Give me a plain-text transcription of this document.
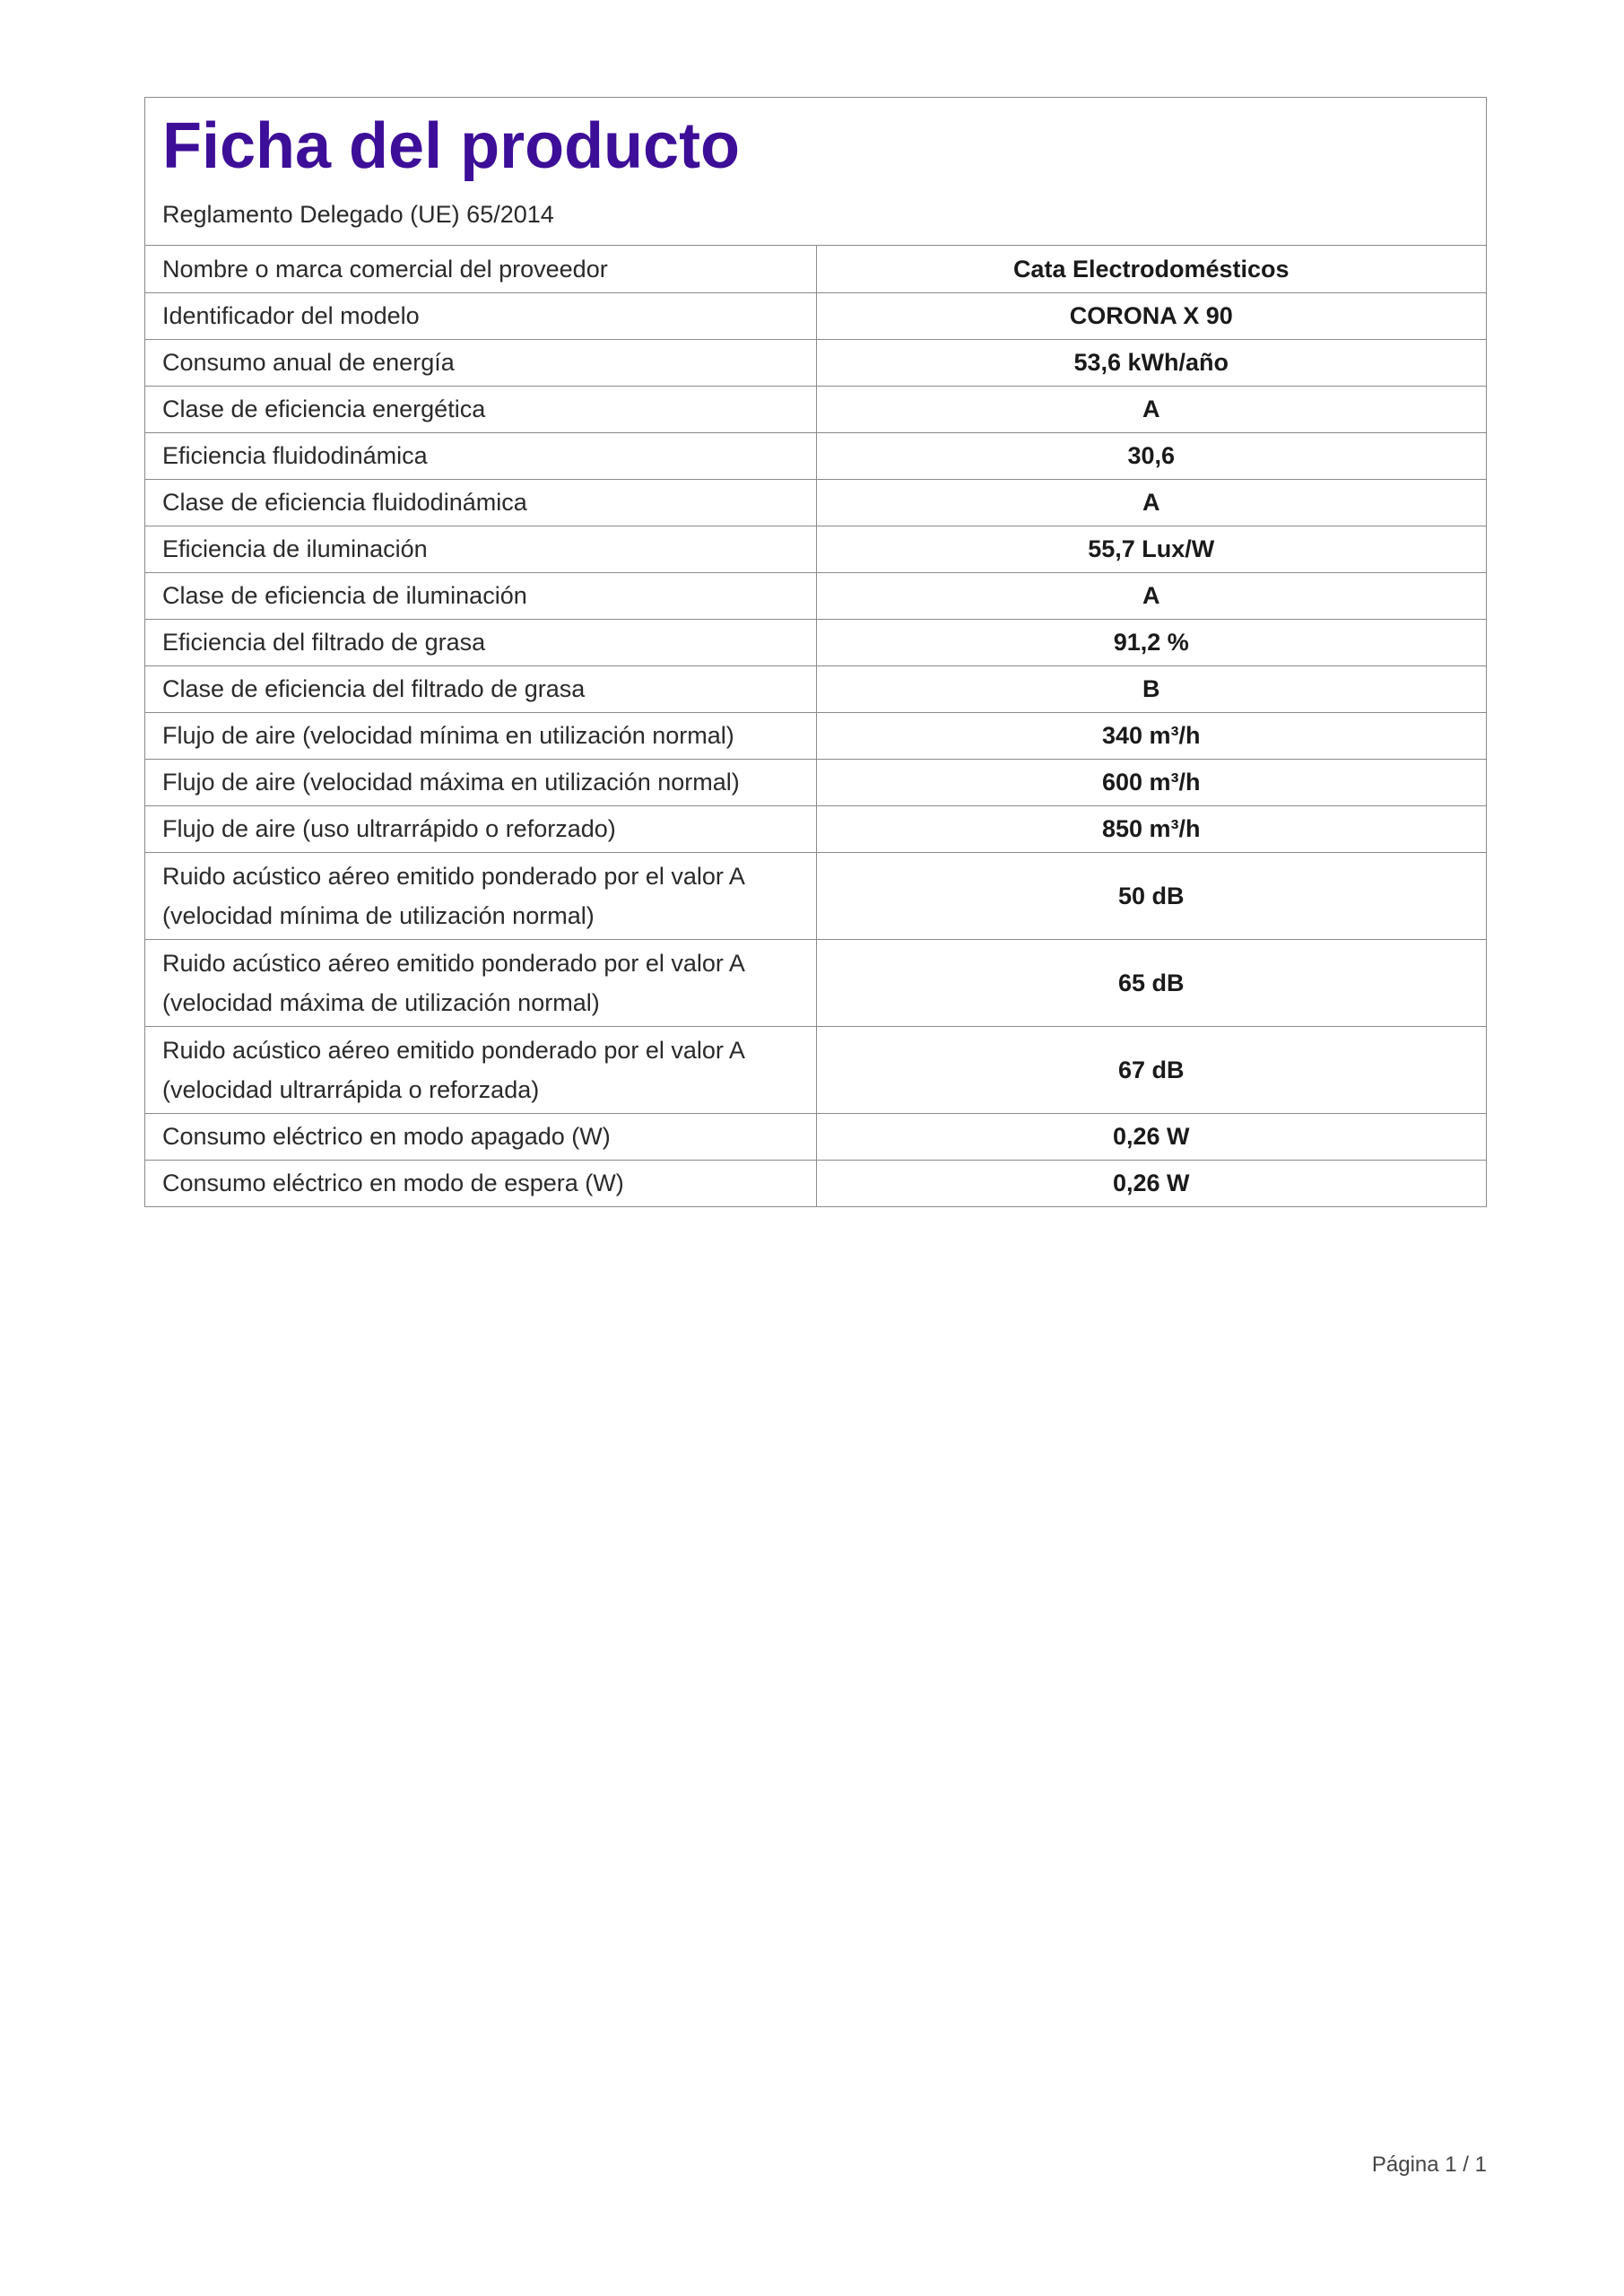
Ficha del producto
Reglamento Delegado (UE) 65/2014
Nombre o marca comercial del proveedor	Cata Electrodomésticos
Identificador del modelo	CORONA X 90
Consumo anual de energía	53,6 kWh/año
Clase de eficiencia energética	A
Eficiencia fluidodinámica	30,6
Clase de eficiencia fluidodinámica	A
Eficiencia de iluminación	55,7 Lux/W
Clase de eficiencia de iluminación	A
Eficiencia del filtrado de grasa	91,2 %
Clase de eficiencia del filtrado de grasa	B
Flujo de aire (velocidad mínima en utilización normal)	340 m³/h
Flujo de aire (velocidad máxima en utilización normal)	600 m³/h
Flujo de aire (uso ultrarrápido o reforzado)	850 m³/h

Ruido acústico aéreo emitido ponderado por el valor A
(velocidad mínima de utilización normal)	50 dB

Ruido acústico aéreo emitido ponderado por el valor A
(velocidad máxima de utilización normal)	65 dB

Ruido acústico aéreo emitido ponderado por el valor A
(velocidad ultrarrápida o reforzada)	67 dB
Consumo eléctrico en modo apagado (W)	0,26 W
Consumo eléctrico en modo de espera (W)	0,26 W
Página 1 / 1
